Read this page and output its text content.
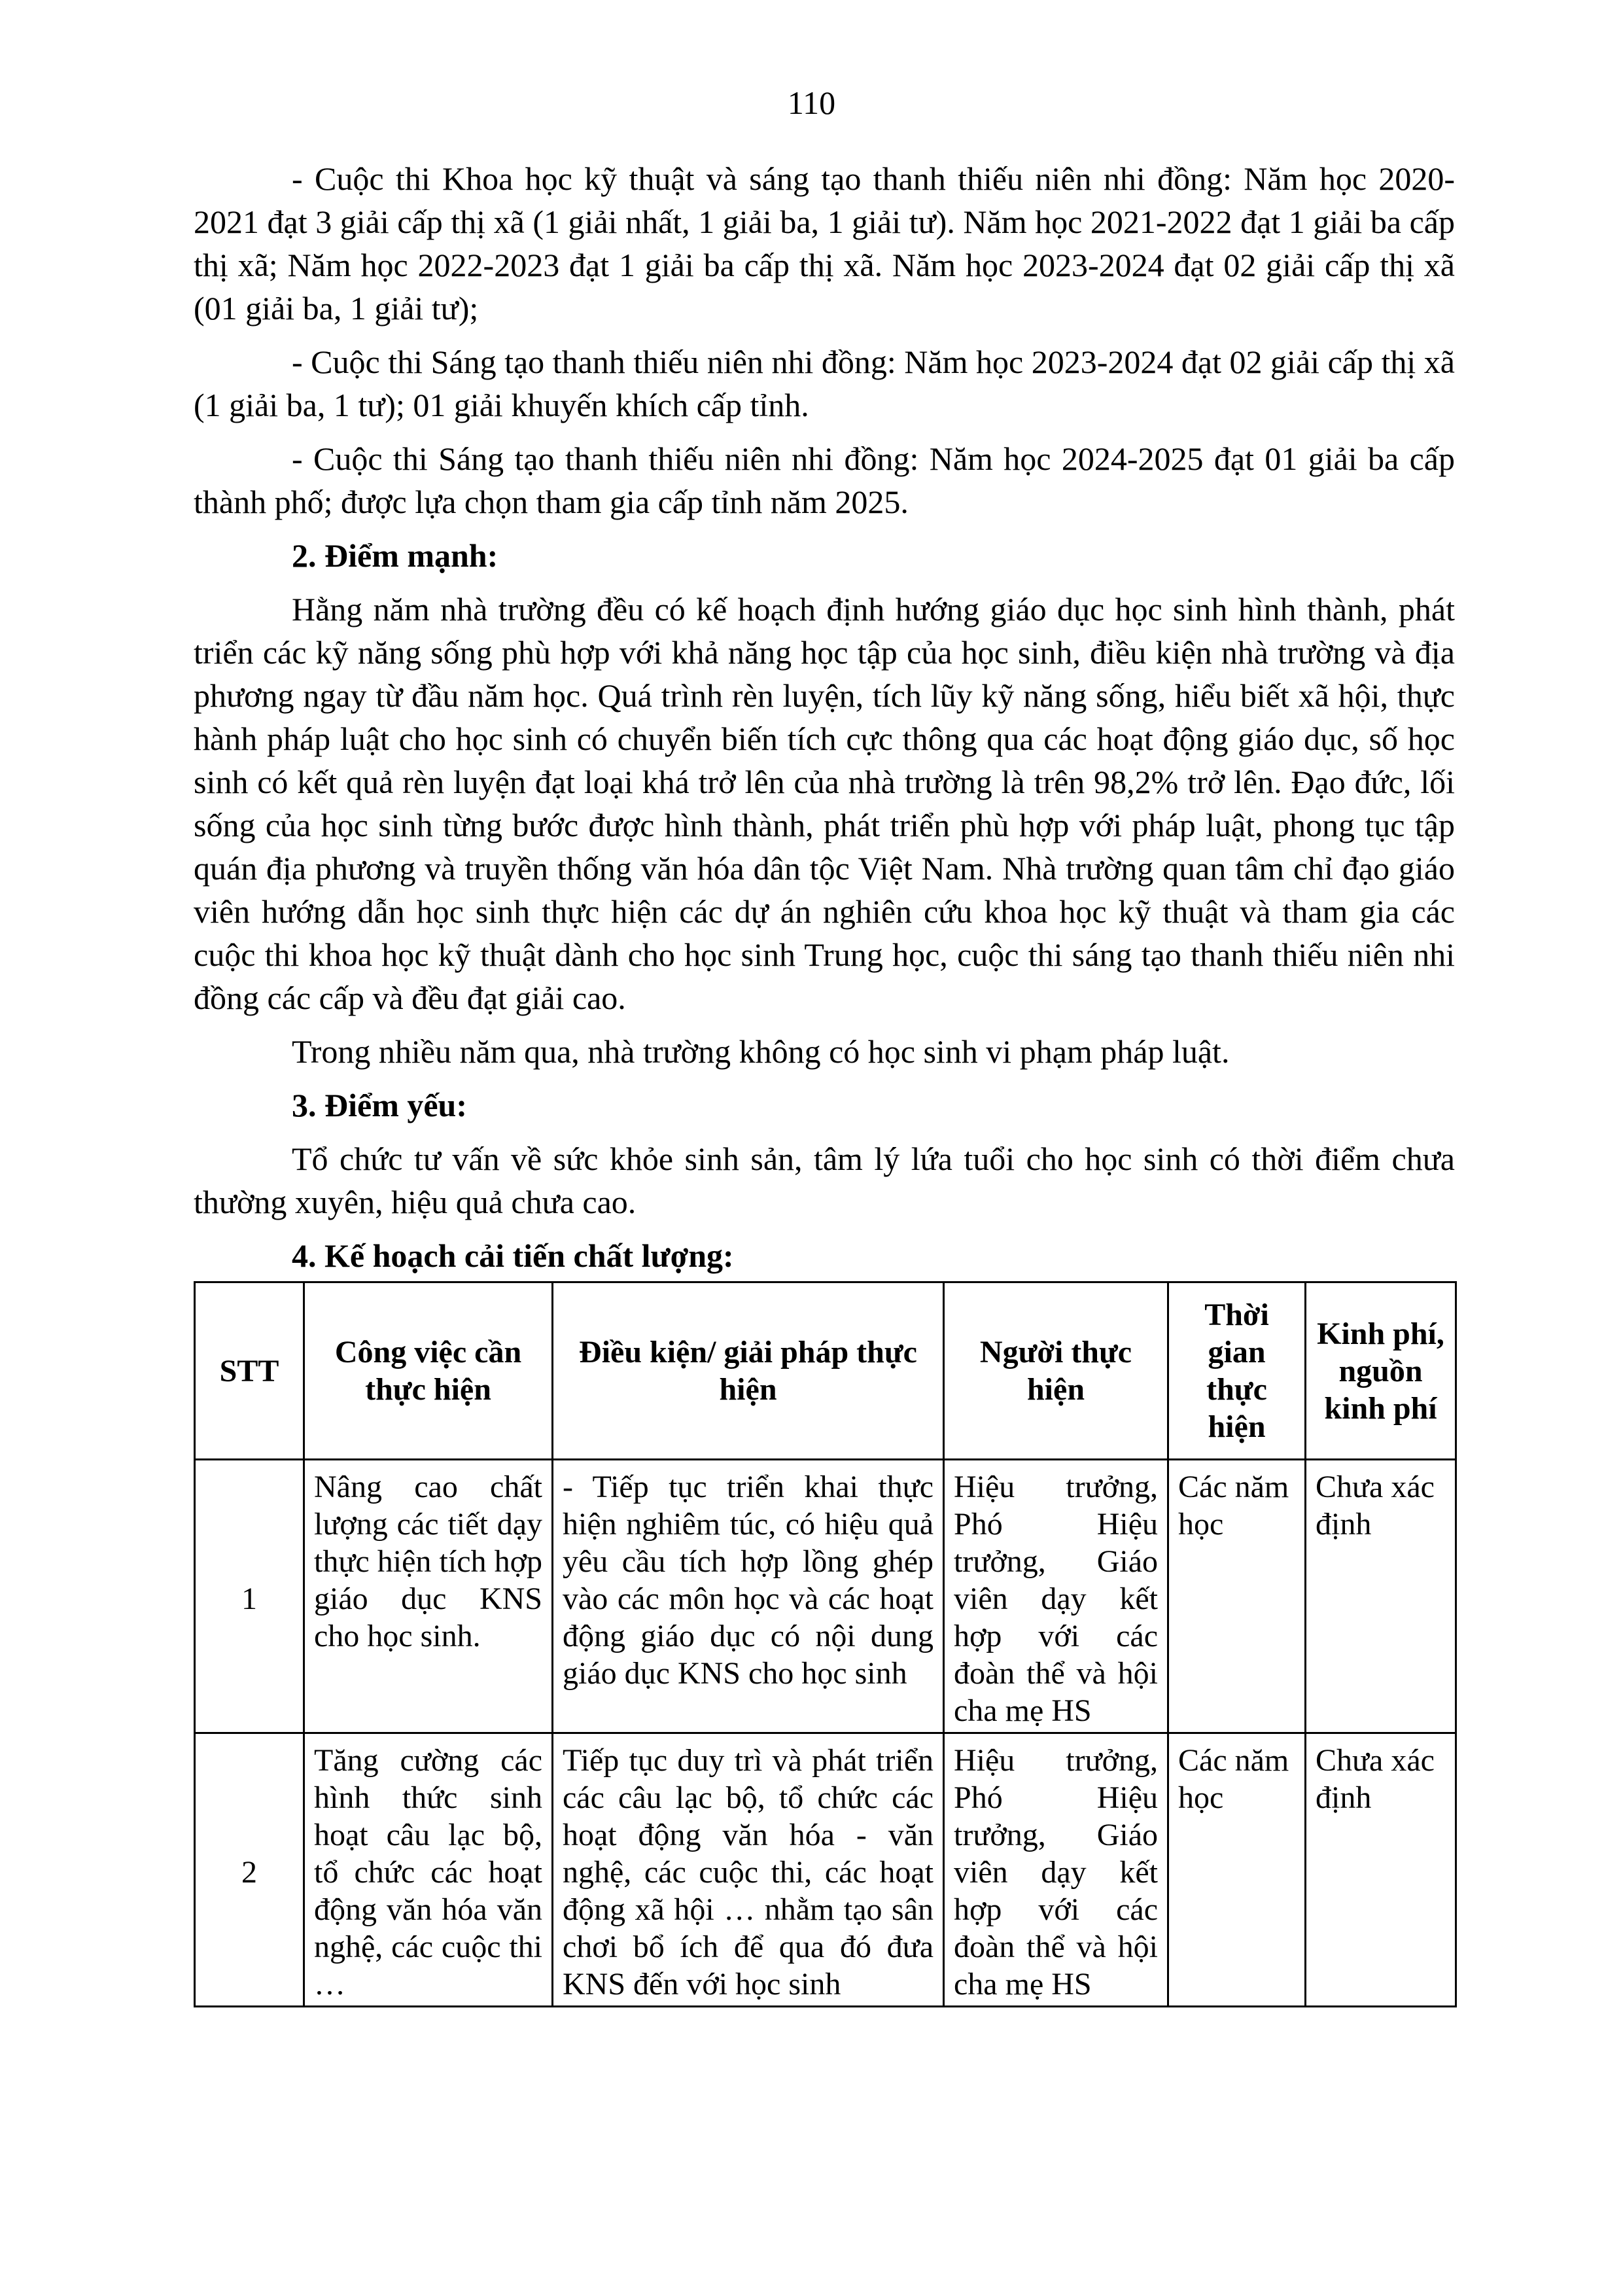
110

- Cuộc thi Khoa học kỹ thuật và sáng tạo thanh thiếu niên nhi đồng: Năm học 2020-2021 đạt 3 giải cấp thị xã (1 giải nhất, 1 giải ba, 1 giải tư). Năm học 2021-2022 đạt 1 giải ba cấp thị xã; Năm học 2022-2023 đạt 1 giải ba cấp thị xã. Năm học 2023-2024 đạt 02 giải cấp thị xã (01 giải ba, 1 giải tư);

- Cuộc thi Sáng tạo thanh thiếu niên nhi đồng: Năm học 2023-2024 đạt 02 giải cấp thị xã (1 giải ba, 1 tư); 01 giải khuyến khích cấp tỉnh.

- Cuộc thi Sáng tạo thanh thiếu niên nhi đồng: Năm học 2024-2025 đạt 01 giải ba cấp thành phố; được lựa chọn tham gia cấp tỉnh năm 2025.

2. Điểm mạnh:

Hằng năm nhà trường đều có kế hoạch định hướng giáo dục học sinh hình thành, phát triển các kỹ năng sống phù hợp với khả năng học tập của học sinh, điều kiện nhà trường và địa phương ngay từ đầu năm học. Quá trình rèn luyện, tích lũy kỹ năng sống, hiểu biết xã hội, thực hành pháp luật cho học sinh có chuyển biến tích cực thông qua các hoạt động giáo dục, số học sinh có kết quả rèn luyện đạt loại khá trở lên của nhà trường là trên 98,2% trở lên. Đạo đức, lối sống của học sinh từng bước được hình thành, phát triển phù hợp với pháp luật, phong tục tập quán địa phương và truyền thống văn hóa dân tộc Việt Nam. Nhà trường quan tâm chỉ đạo giáo viên hướng dẫn học sinh thực hiện các dự án nghiên cứu khoa học kỹ thuật và tham gia các cuộc thi khoa học kỹ thuật dành cho học sinh Trung học, cuộc thi sáng tạo thanh thiếu niên nhi đồng các cấp và đều đạt giải cao.

Trong nhiều năm qua, nhà trường không có học sinh vi phạm pháp luật.

3. Điểm yếu:

Tổ chức tư vấn về sức khỏe sinh sản, tâm lý lứa tuổi cho học sinh có thời điểm chưa thường xuyên, hiệu quả chưa cao.

4. Kế hoạch cải tiến chất lượng:

STT	Công việc cần thực hiện	Điều kiện/ giải pháp thực hiện	Người thực hiện	Thời gian thực hiện	Kinh phí, nguồn kinh phí
1	Nâng cao chất lượng các tiết dạy thực hiện tích hợp giáo dục KNS cho học sinh.	- Tiếp tục triển khai thực hiện nghiêm túc, có hiệu quả yêu cầu tích hợp lồng ghép vào các môn học và các hoạt động giáo dục có nội dung giáo dục KNS cho học sinh	Hiệu trưởng, Phó Hiệu trưởng, Giáo viên dạy kết hợp với các đoàn thể và hội cha mẹ HS	Các năm học	Chưa xác định
2	Tăng cường các hình thức sinh hoạt câu lạc bộ, tổ chức các hoạt động văn hóa văn nghệ, các cuộc thi …	Tiếp tục duy trì và phát triển các câu lạc bộ, tổ chức các hoạt động văn hóa - văn nghệ, các cuộc thi, các hoạt động xã hội … nhằm tạo sân chơi bổ ích để qua đó đưa KNS đến với học sinh	Hiệu trưởng, Phó Hiệu trưởng, Giáo viên dạy kết hợp với các đoàn thể và hội cha mẹ HS	Các năm học	Chưa xác định
